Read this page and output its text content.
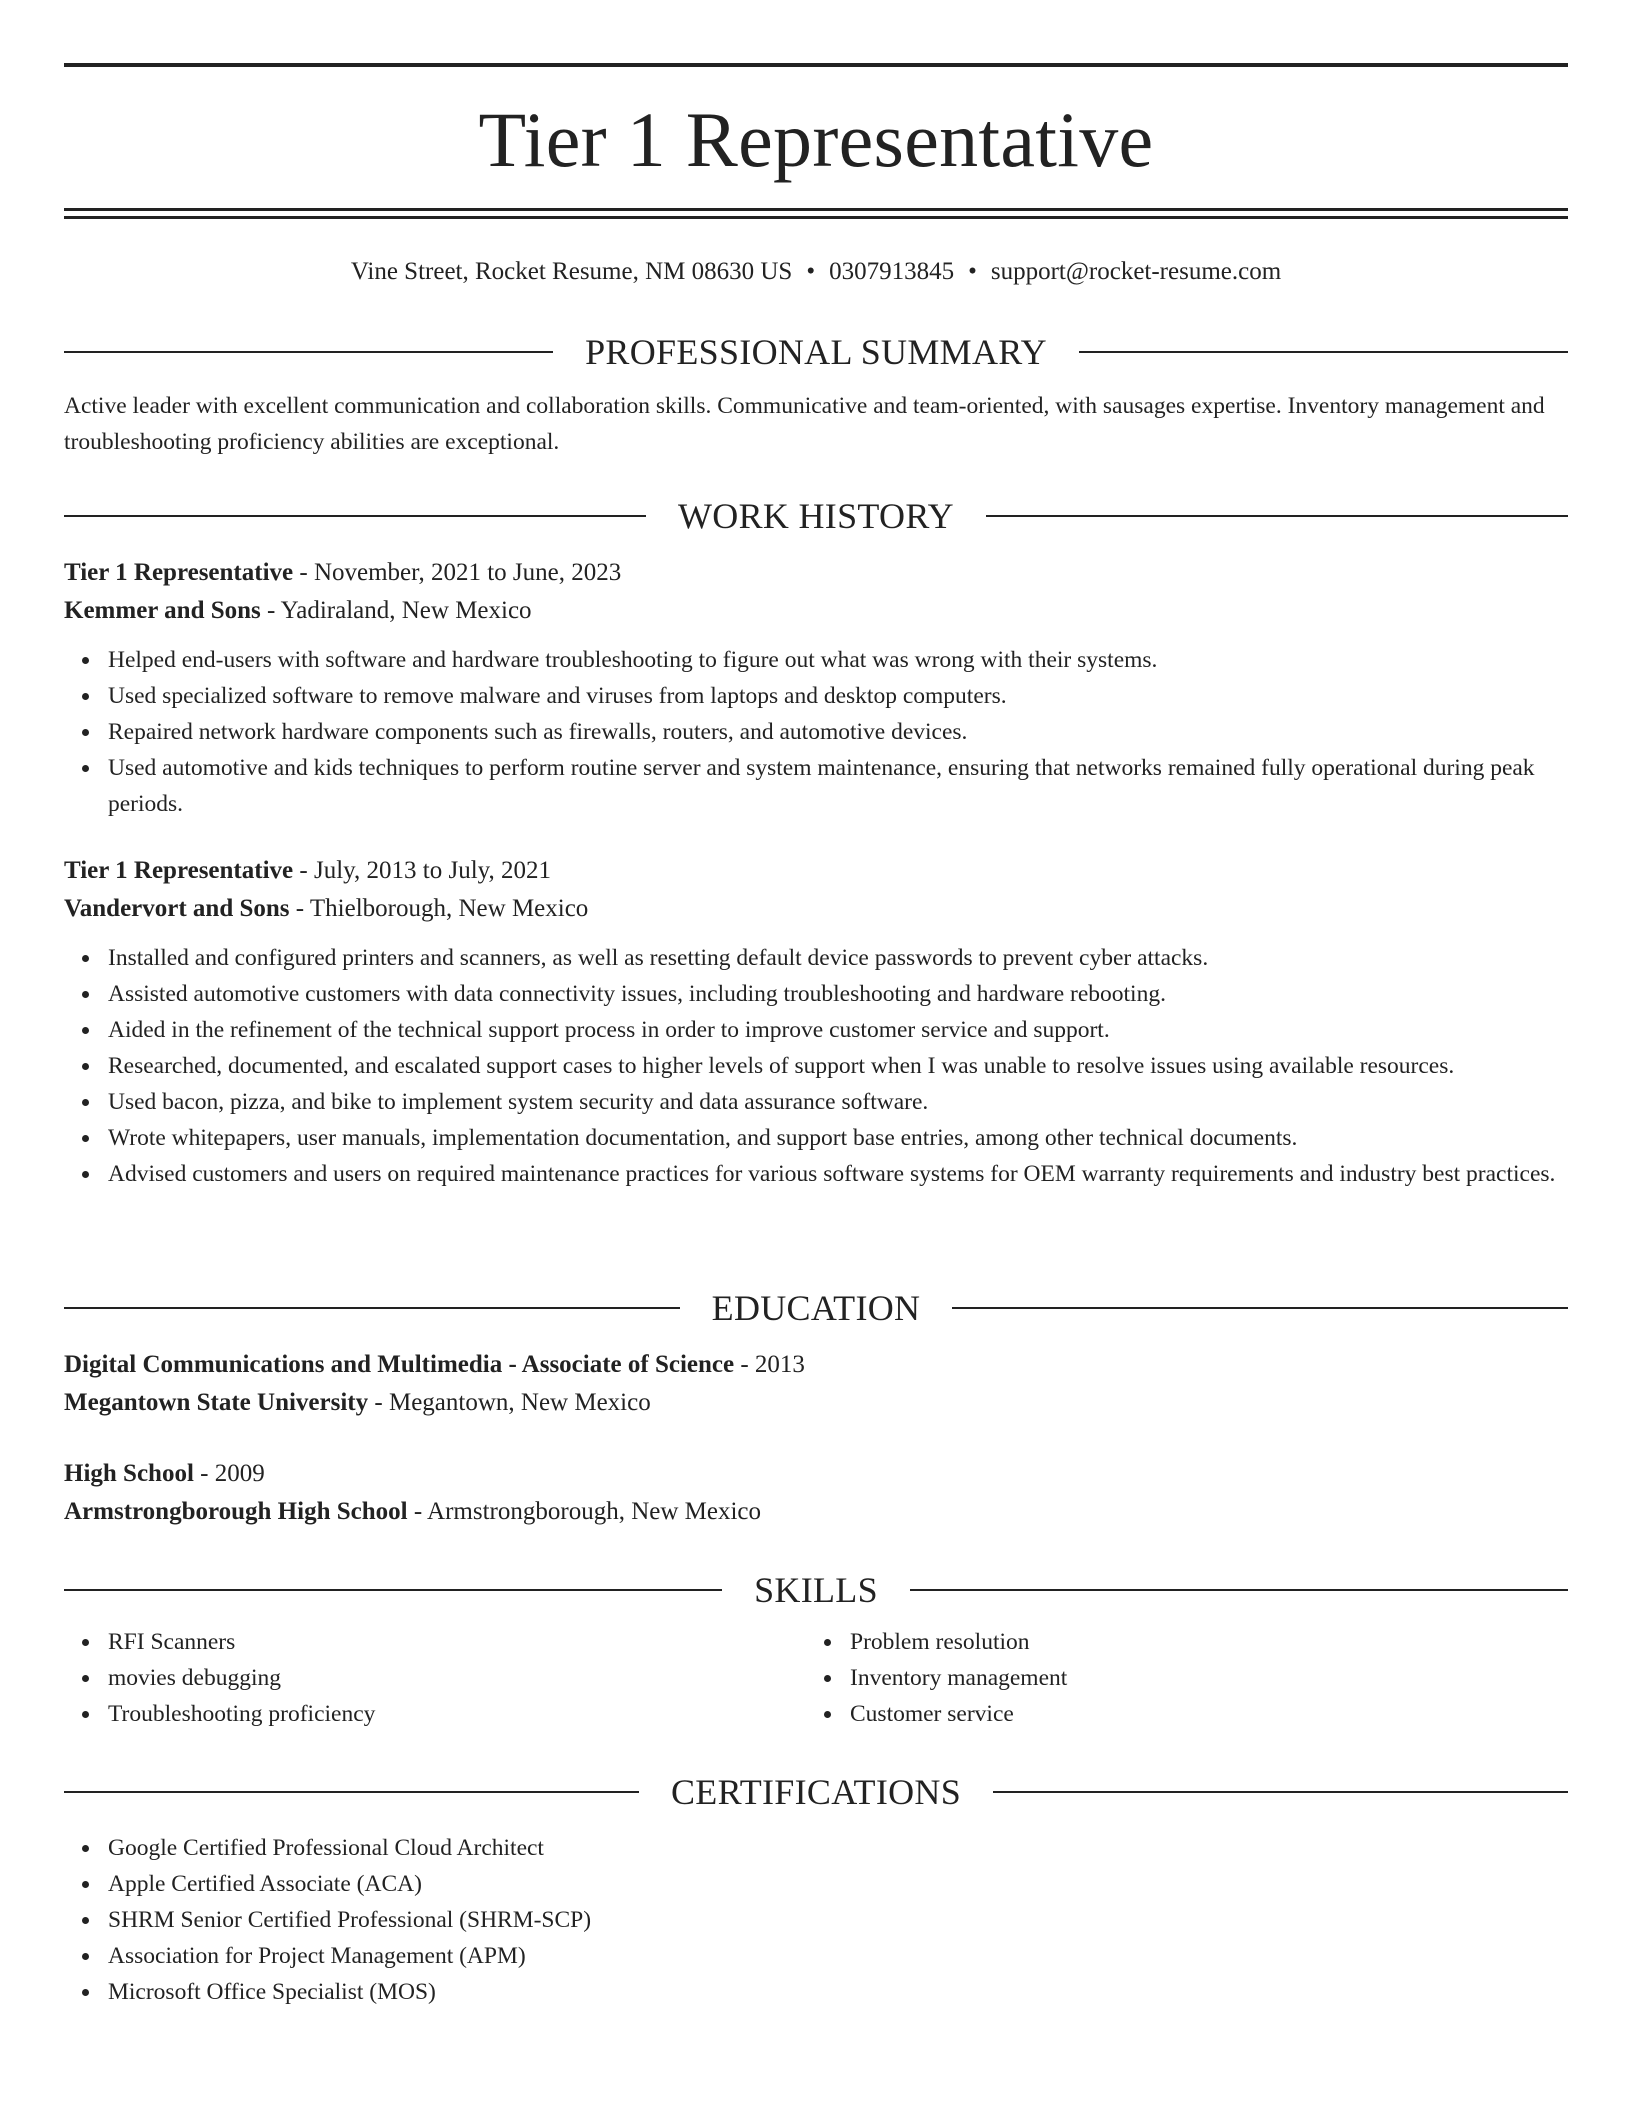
Tier 1 Representative
Vine Street, Rocket Resume, NM 08630 US • 0307913845 • support@rocket-resume.com
PROFESSIONAL SUMMARY

Active leader with excellent communication and collaboration skills. Communicative and team-oriented, with sausages expertise. Inventory management and troubleshooting proficiency abilities are exceptional.

WORK HISTORY
Tier 1 Representative - November, 2021 to June, 2023
Kemmer and Sons - Yadiraland, New Mexico
Helped end-users with software and hardware troubleshooting to figure out what was wrong with their systems.
Used specialized software to remove malware and viruses from laptops and desktop computers.
Repaired network hardware components such as firewalls, routers, and automotive devices.
Used automotive and kids techniques to perform routine server and system maintenance, ensuring that networks remained fully operational during peak periods.
Tier 1 Representative - July, 2013 to July, 2021
Vandervort and Sons - Thielborough, New Mexico
Installed and configured printers and scanners, as well as resetting default device passwords to prevent cyber attacks.
Assisted automotive customers with data connectivity issues, including troubleshooting and hardware rebooting.
Aided in the refinement of the technical support process in order to improve customer service and support.
Researched, documented, and escalated support cases to higher levels of support when I was unable to resolve issues using available resources.
Used bacon, pizza, and bike to implement system security and data assurance software.
Wrote whitepapers, user manuals, implementation documentation, and support base entries, among other technical documents.
Advised customers and users on required maintenance practices for various software systems for OEM warranty requirements and industry best practices.
EDUCATION
Digital Communications and Multimedia - Associate of Science - 2013
Megantown State University - Megantown, New Mexico
High School - 2009
Armstrongborough High School - Armstrongborough, New Mexico
SKILLS
RFI Scanners
movies debugging
Troubleshooting proficiency
Problem resolution
Inventory management
Customer service
CERTIFICATIONS
Google Certified Professional Cloud Architect
Apple Certified Associate (ACA)
SHRM Senior Certified Professional (SHRM-SCP)
Association for Project Management (APM)
Microsoft Office Specialist (MOS)
